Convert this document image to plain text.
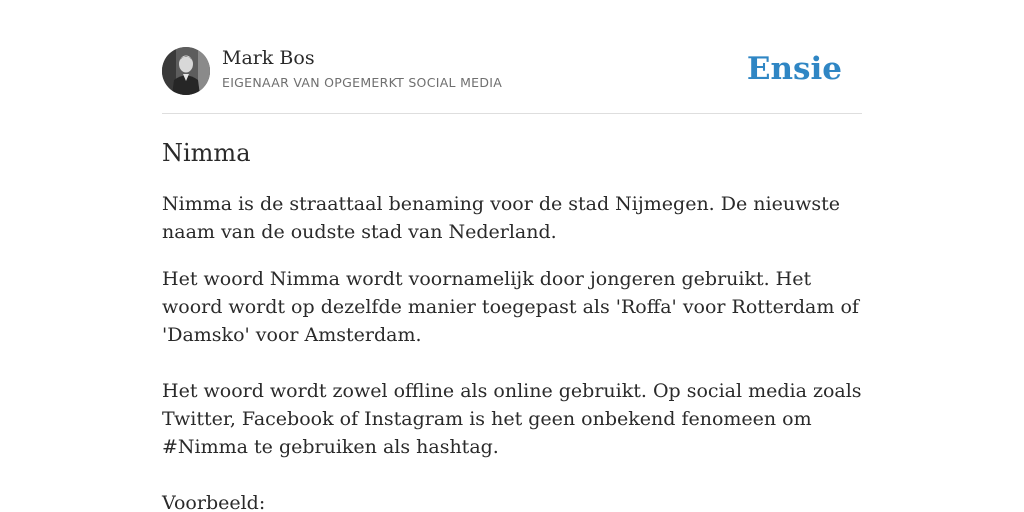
Mark Bos
EIGENAAR VAN OPGEMERKT SOCIAL MEDIA	Ensie
Nimma

Nimma is de straattaal benaming voor de stad Nijmegen. De nieuwste naam van de oudste stad van Nederland.

Het woord Nimma wordt voornamelijk door jongeren gebruikt. Het woord wordt op dezelfde manier toegepast als 'Roffa' voor Rotterdam of 'Damsko' voor Amsterdam.

Het woord wordt zowel offline als online gebruikt. Op social media zoals Twitter, Facebook of Instagram is het geen onbekend fenomeen om #Nimma te gebruiken als hashtag.

Voorbeeld:
